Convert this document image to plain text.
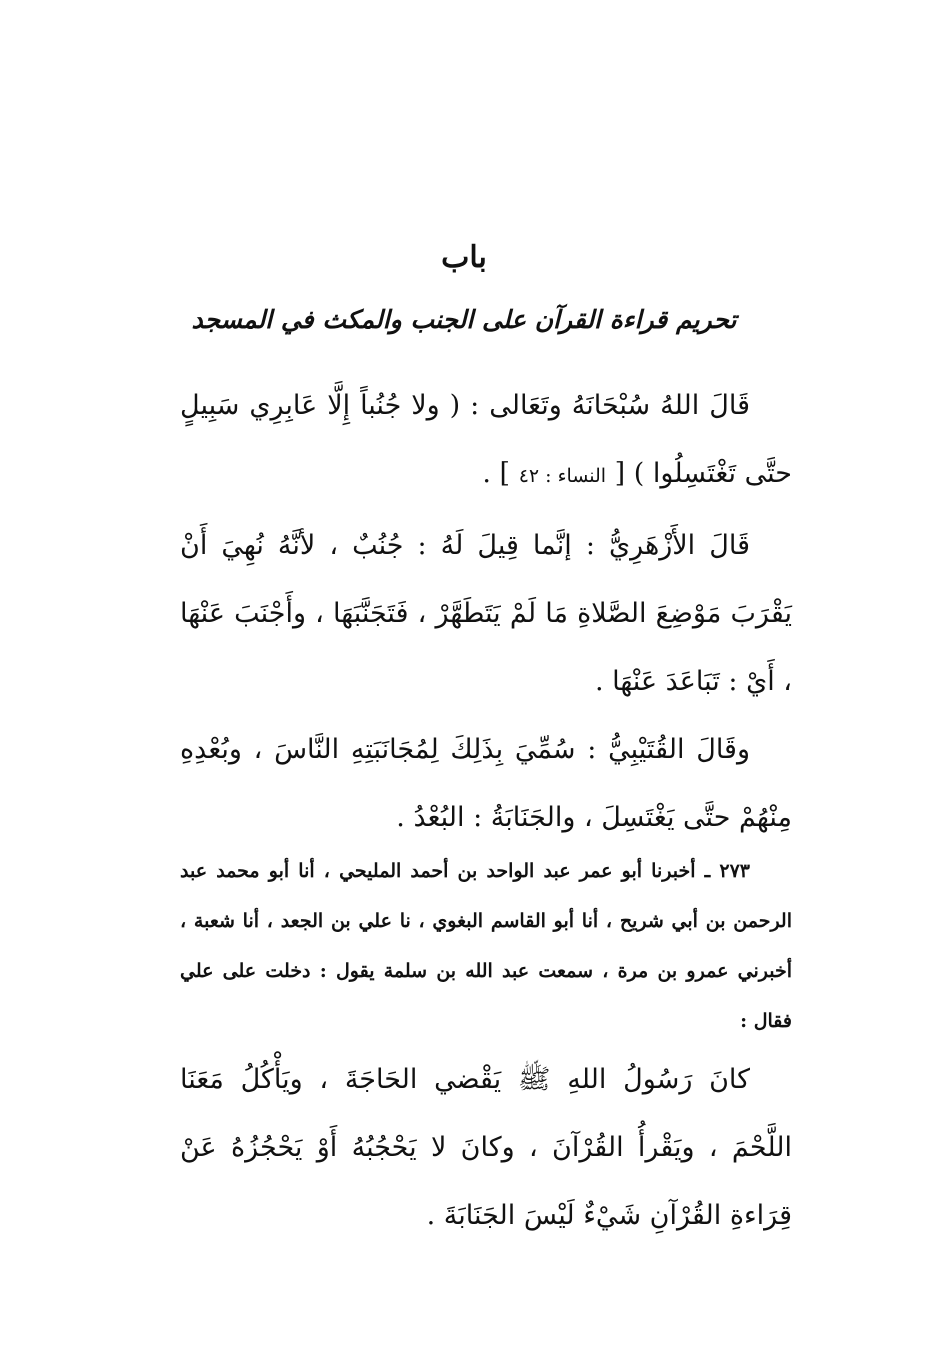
باب
تحريم قراءة القرآن على الجنب والمكث في المسجد

قَالَ اللهُ سُبْحَانَهُ وتَعَالى : ( ولا جُنُباً إِلَّا عَابِرِي سَبِيلٍ حتَّى تَغْتَسِلُوا ) [ النساء : ٤٢ ] .

قَالَ الأَزْهَرِيُّ : إنَّما قِيلَ لَهُ : جُنُبٌ ، لأنَّهُ نُهِيَ أَنْ يَقْرَبَ مَوْضِعَ الصَّلاةِ مَا لَمْ يَتَطَهَّرْ ، فَتَجَنَّبَهَا ، وأَجْنَبَ عَنْهَا ، أَيْ : تَبَاعَدَ عَنْهَا .

وقَالَ القُتَيْبِيُّ : سُمِّيَ بِذَلِكَ لِمُجَانَبَتِهِ النَّاسَ ، وبُعْدِهِ مِنْهُمْ حتَّى يَغْتَسِلَ ، والجَنَابَةُ : البُعْدُ .

٢٧٣ ـ أخبرنا أبو عمر عبد الواحد بن أحمد المليحي ، أنا أبو محمد عبد الرحمن بن أبي شريح ، أنا أبو القاسم البغوي ، نا علي بن الجعد ، أنا شعبة ، أخبرني عمرو بن مرة ، سمعت عبد الله بن سلمة يقول : دخلت على علي فقال :

كانَ رَسُولُ اللهِ ﷺ يَقْضي الحَاجَةَ ، ويَأْكُلُ مَعَنَا اللَّحْمَ ، ويَقْرأُ القُرْآنَ ، وكانَ لا يَحْجُبُهُ أَوْ يَحْجُزُهُ عَنْ قِرَاءةِ القُرْآنِ شَيْءٌ لَيْسَ الجَنَابَةَ .
